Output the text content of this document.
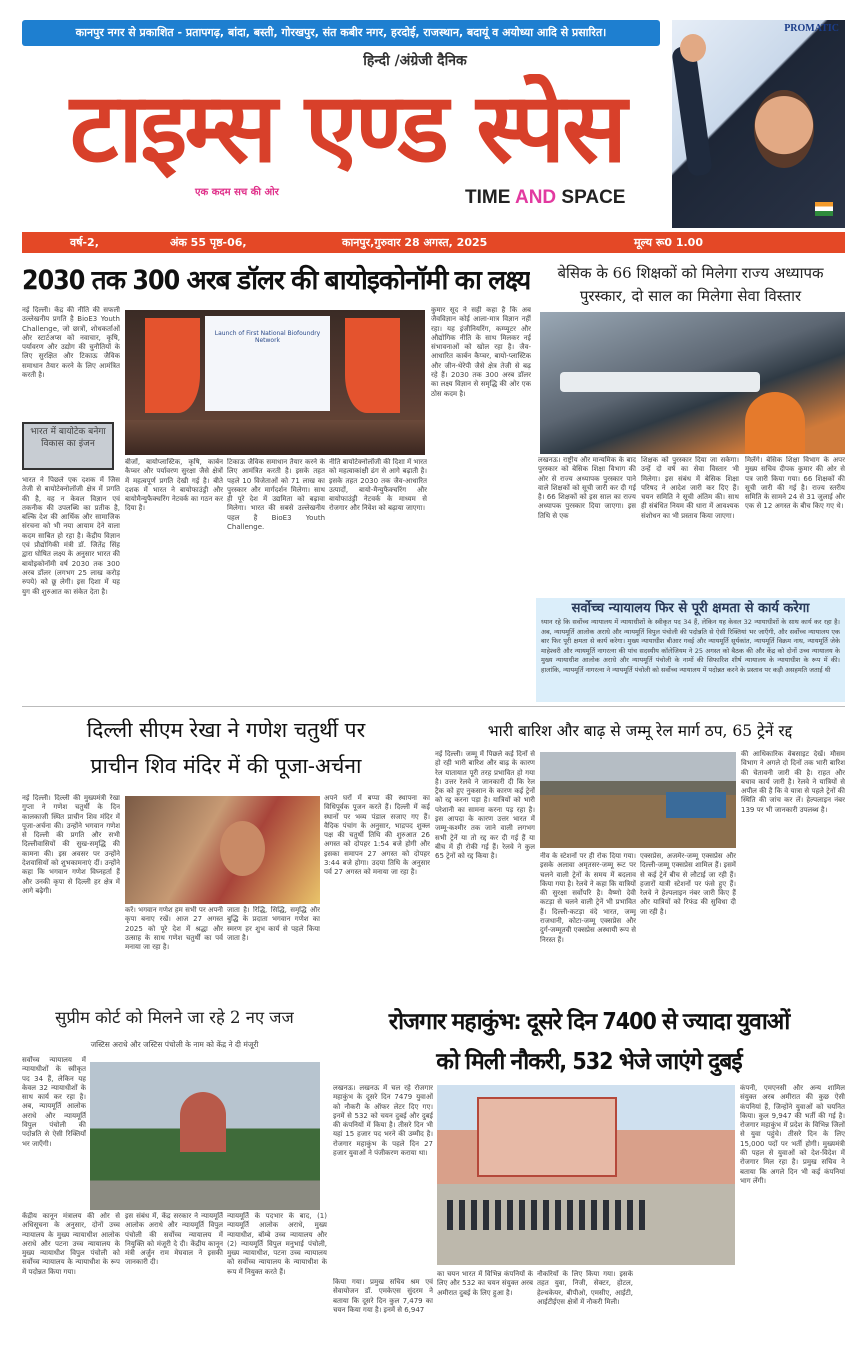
कानपुर नगर से प्रकाशित - प्रतापगढ़, बांदा, बस्ती, गोरखपुर, संत कबीर नगर, हरदोई, राजस्थान, बदायूं व अयोध्या आदि से प्रसारित।
हिन्दी /अंग्रेजी दैनिक
टाइम्स एण्ड स्पेस
एक कदम सच की ओर	TIME AND SPACE
PROMATIC
वर्ष-2,	अंक 55 पृष्ठ-06,	कानपुर,गुरुवार 28 अगस्त, 2025	मूल्य रू0 1.00
2030 तक 300 अरब डॉलर की बायोइकोनॉमी का लक्ष्य
नई दिल्ली। केंद्र की नीति की सफली उल्लेखनीय प्रगति है BioE3 Youth Challenge, जो छात्रों, शोधकर्ताओं और स्टार्टअप्स को नवाचार, कृषि, पर्यावरण और उद्योग की चुनौतियों के लिए सुरक्षित और टिकाऊ जैविक समाधान तैयार करने के लिए आमंत्रित करती है।
भारत में बायोटेक बनेगा विकास का इंजन
भारत ने पिछले एक दशक में जिस तेजी से बायोटेक्नोलॉजी क्षेत्र में प्रगति की है, वह न केवल विज्ञान एवं तकनीक की उपलब्धि का प्रतीक है, बल्कि देश की आर्थिक और सामाजिक संरचना को भी नया आयाम देने वाला कदम साबित हो रहा है। केंद्रीय विज्ञान एवं प्रौद्योगिकी मंत्री डॉ. जितेंद्र सिंह द्वारा घोषित लक्ष्य के अनुसार भारत की बायोइकोनॉमी वर्ष 2030 तक 300 अरब डॉलर (लगभग 25 लाख करोड़ रुपये) को छू लेगी। इस दिशा में यह युग की शुरुआत का संकेत देता है।
Launch of First National Biofoundry Network
बीजों, बायोप्लास्टिक, कृषि, कार्बन कैप्चर और पर्यावरण सुरक्षा जैसे क्षेत्रों में महत्वपूर्ण प्रगति देखी गई है। बीते दशक में भारत ने बायोफाउंड्री और बायोमैन्युफैक्चरिंग नेटवर्क का गठन कर दिया है।
टिकाऊ जैविक समाधान तैयार करने के लिए आमंत्रित करती है। इसके तहत पहले 10 विजेताओं को 71 लाख का पुरस्कार और मार्गदर्शन मिलेगा। साथ ही पूरे देश में उद्यमिता को बढ़ावा मिलेगा। भारत की सबसे उल्लेखनीय पहल है BioE3 Youth Challenge.
नीति बायोटेक्नोलॉजी की दिशा में भारत को महत्वाकांक्षी ढंग से आगे बढ़ाती है। इसके तहत 2030 तक जैव-आधारित उत्पादों, बायो-मैन्युफैक्चरिंग और बायोफाउंड्री नेटवर्क के माध्यम से रोजगार और निवेश को बढ़ाया जाएगा।
कुमार सूद ने सही कहा है कि अब जैवविज्ञान कोई आला-मात्र विज्ञान नहीं रहा। यह इंजीनियरिंग, कम्प्यूटर और औद्योगिक नीति के साथ मिलकर नई संभावनाओं को खोल रहा है। जैव-आधारित कार्बन कैप्चर, बायो-प्लास्टिक और जीन-थेरेपी जैसे क्षेत्र तेजी से बढ़ रहे हैं। 2030 तक 300 अरब डॉलर का लक्ष्य विज्ञान से समृद्धि की ओर एक ठोस कदम है।
बेसिक के 66 शिक्षकों को मिलेगा राज्य अध्यापक पुरस्कार, दो साल का मिलेगा सेवा विस्तार
लखनऊ। राष्ट्रीय और मान्यमिक के बाद पुरस्कार को बेसिक शिक्षा विभाग की ओर से राज्य अध्यापक पुरस्कार पाने वाले शिक्षकों को सूची जारी कर दी गई है। 66 शिक्षकों को इस साल का राज्य अध्यापक पुरस्कार दिया जाएगा। इस तिथि से एक
शिक्षक को पुरस्कार दिया जा सकेगा। उन्हें दो वर्ष का सेवा विस्तार भी मिलेगा। इस संबंध में बेसिक शिक्षा परिषद ने आदेश जारी कर दिए हैं। चयन समिति ने सूची अंतिम की। साथ ही संबंधित नियम की धारा में आवश्यक संशोधन का भी प्रस्ताव किया जाएगा।
मिलेंगे। बेसिक शिक्षा विभाग के अपर मुख्य सचिव दीपक कुमार की ओर से पत्र जारी किया गया। 66 शिक्षकों की सूची जारी की गई है। राज्य स्तरीय समिति के सामने 24 से 31 जुलाई और एक से 12 अगस्त के बीच किए गए थे।
सर्वोच्च न्यायालय फिर से पूरी क्षमता से कार्य करेगा
ध्यान रहे कि सर्वोच्च न्यायालय में न्यायाधीशों के स्वीकृत पद 34 हैं, लेकिन यह केवल 32 न्यायाधीशों के साथ कार्य कर रहा है। अब, न्यायमूर्ति आलोक अराधे और न्यायमूर्ति विपुल पंचोली की पदोन्नति से ऐसी रिक्तियां भर जाएँगी, और सर्वोच्च न्यायालय एक बार फिर पूरी क्षमता से कार्य करेगा। मुख्य न्यायाधीश बीआर गवई और न्यायमूर्ति सूर्यकांत, न्यायमूर्ति विक्रम नाथ, न्यायमूर्ति जेके माहेश्वरी और न्यायमूर्ति नागरत्ना की पांच सदस्यीय कॉलेजियम ने 25 अगस्त को बैठक की और केंद्र को दोनों उच्च न्यायालय के मुख्य न्यायाधीश आलोक अराधे और न्यायमूर्ति पंचोली के नामों की सिफारिश शीर्ष न्यायालय के न्यायाधीश के रूप में की। हालांकि, न्यायमूर्ति नागरत्ना ने न्यायमूर्ति पंचोली को सर्वोच्च न्यायालय में पदोन्नत करने के प्रस्ताव पर कड़ी असहमति जताई थी
दिल्ली सीएम रेखा ने गणेश चतुर्थी पर
प्राचीन शिव मंदिर में की पूजा-अर्चना
नई दिल्ली। दिल्ली की मुख्यमंत्री रेखा गुप्ता ने गणेश चतुर्थी के दिन कालकाजी स्थित प्राचीन शिव मंदिर में पूजा-अर्चना की। उन्होंने भगवान गणेश से दिल्ली की प्रगति और सभी दिल्लीवासियों की सुख-समृद्धि की कामना की। इस अवसर पर उन्होंने देशवासियों को शुभकामनाएं दीं। उन्होंने कहा कि भगवान गणेश विघ्नहर्ता हैं और उनकी कृपा से दिल्ली हर क्षेत्र में आगे बढ़ेगी।
करें। भगवान गणेश हम सभी पर अपनी कृपा बनाए रखें। आज 27 अगस्त 2025 को पूरे देश में श्रद्धा और उत्साह के साथ गणेश चतुर्थी का पर्व मनाया जा रहा है।
जाता है। रिद्धि, सिद्धि, समृद्धि और बुद्धि के प्रदाता भगवान गणेश का स्मरण हर शुभ कार्य से पहले किया जाता है।
अपने घरों में बप्पा की स्थापना का विधिपूर्वक पूजन करते हैं। दिल्ली में कई स्थानों पर भव्य पंडाल सजाए गए हैं। वैदिक पंचांग के अनुसार, भाद्रपद शुक्ल पक्ष की चतुर्थी तिथि की शुरुआत 26 अगस्त को दोपहर 1:54 बजे होगी और इसका समापन 27 अगस्त को दोपहर 3:44 बजे होगा। उदया तिथि के अनुसार पर्व 27 अगस्त को मनाया जा रहा है।
भारी बारिश और बाढ़ से जम्मू रेल मार्ग ठप, 65 ट्रेनें रद्द
नई दिल्ली। जम्मू में पिछले कई दिनों से हो रही भारी बारिश और बाढ़ के कारण रेल यातायात पूरी तरह प्रभावित हो गया है। उत्तर रेलवे ने जानकारी दी कि रेल ट्रैक को हुए नुकसान के कारण कई ट्रेनों को रद्द करना पड़ा है। यात्रियों को भारी परेशानी का सामना करना पड़ रहा है। इस आपदा के कारण उत्तर भारत में जम्मू-कश्मीर तक जाने वाली लगभग सभी ट्रेनें या तो रद्द कर दी गई हैं या बीच में ही रोकी गई हैं। रेलवे ने कुल 65 ट्रेनों को रद्द किया है।	नीव के स्टेशनों पर ही रोक दिया गया। इसके अलावा अमृतसर-जम्मू रूट पर चलने वाली ट्रेनों के समय में बदलाव किया गया है। रेलवे ने कहा कि यात्रियों की सुरक्षा सर्वोपरि है। वैष्णो देवी कटड़ा से चलने वाली ट्रेनें भी प्रभावित हैं। दिल्ली-कटड़ा वंदे भारत, जम्मू राजधानी, कोटा-जम्मू एक्सप्रेस और दुर्ग-जम्मूतवी एक्सप्रेस अस्थायी रूप से निरस्त हैं।
एक्सप्रेस, अजमेर-जम्मू एक्सप्रेस और दिल्ली-जम्मू एक्सप्रेस शामिल हैं। इसमें से कई ट्रेनें बीच से लौटाई जा रही हैं। हजारों यात्री स्टेशनों पर फंसे हुए हैं। रेलवे ने हेल्पलाइन नंबर जारी किए हैं और यात्रियों को रिफंड की सुविधा दी जा रही है।
की आधिकारिक वेबसाइट देखें। मौसम विभाग ने अगले दो दिनों तक भारी बारिश की चेतावनी जारी की है। राहत और बचाव कार्य जारी है। रेलवे ने यात्रियों से अपील की है कि वे यात्रा से पहले ट्रेनों की स्थिति की जांच कर लें। हेल्पलाइन नंबर 139 पर भी जानकारी उपलब्ध है।
सुप्रीम कोर्ट को मिलने जा रहे 2 नए जज
जस्टिस अराधे और जस्टिस पंचोली के नाम को केंद्र ने दी मंजूरी
सर्वोच्च न्यायालय में न्यायाधीशों के स्वीकृत पद 34 हैं, लेकिन यह केवल 32 न्यायाधीशों के साथ कार्य कर रहा है। अब, न्यायमूर्ति आलोक अराधे और न्यायमूर्ति विपुल पंचोली की पदोन्नति से ऐसी रिक्तियाँ भर जाएँगी।
केंद्रीय कानून मंत्रालय की ओर से अधिसूचना के अनुसार, दोनों उच्च न्यायालय के मुख्य न्यायाधीश आलोक अराधे और पटना उच्च न्यायालय के मुख्य न्यायाधीश विपुल पंचोली को सर्वोच्च न्यायालय के न्यायाधीश के रूप में पदोन्नत किया गया।
इस संबंध में, केंद्र सरकार ने न्यायमूर्ति आलोक अराधे और न्यायमूर्ति विपुल पंचोली की सर्वोच्च न्यायालय में नियुक्ति को मंजूरी दे दी। केंद्रीय कानून मंत्री अर्जुन राम मेघवाल ने इसकी जानकारी दी।
न्यायमूर्ति के पदभार के बाद, (1) न्यायमूर्ति आलोक अराधे, मुख्य न्यायाधीश, बॉम्बे उच्च न्यायालय और (2) न्यायमूर्ति विपुल मनुभाई पंचोली, मुख्य न्यायाधीश, पटना उच्च न्यायालय को सर्वोच्च न्यायालय के न्यायाधीश के रूप में नियुक्त करते हैं।
रोजगार महाकुंभ: दूसरे दिन 7400 से ज्यादा युवाओं
को मिली नौकरी, 532 भेजे जाएंगे दुबई
लखनऊ। लखनऊ में चल रहे रोजगार महाकुंभ के दूसरे दिन 7479 युवाओं को नौकरी के ऑफर लेटर दिए गए। इनमें से 532 को चयन दुबई और दुबई की कंपनियों में किया है। तीसरे दिन भी यहां 15 हजार पद भरने की उम्मीद है। रोजगार महाकुंभ के पहले दिन 27 हजार युवाओं ने पंजीकरण कराया था।
किया गया। प्रमुख सचिव श्रम एवं सेवायोजन डॉ. एमकेएस सुंदरम ने बताया कि दूसरे दिन कुल 7,479 का चयन किया गया है। इनमें से 6,947
का चयन भारत में विभिन्न कंपनियों के लिए और 532 का चयन संयुक्त अरब अमीरात दुबई के लिए हुआ है।
नौकरियों के लिए किया गया। इसके तहत युवा, निजी, सेक्टर, होटल, हेल्थकेयर, बीपीओ, एमसीए, आईटी, आईटीईएस क्षेत्रों में नौकरी मिली।
कंपनी, एमएनसी और अन्य शामिल संयुक्त अरब अमीरात की कुछ ऐसी कंपनियां हैं, जिन्होंने युवाओं को चयनित किया। कुल 9,947 की भर्ती की गई है। रोजगार महाकुंभ में प्रदेश के विभिन्न जिलों से युवा पहुंचे। तीसरे दिन के लिए 15,000 पदों पर भर्ती होगी। मुख्यमंत्री की पहल से युवाओं को देश-विदेश में रोजगार मिल रहा है। प्रमुख सचिव ने बताया कि अगले दिन भी कई कंपनियां भाग लेंगी।
